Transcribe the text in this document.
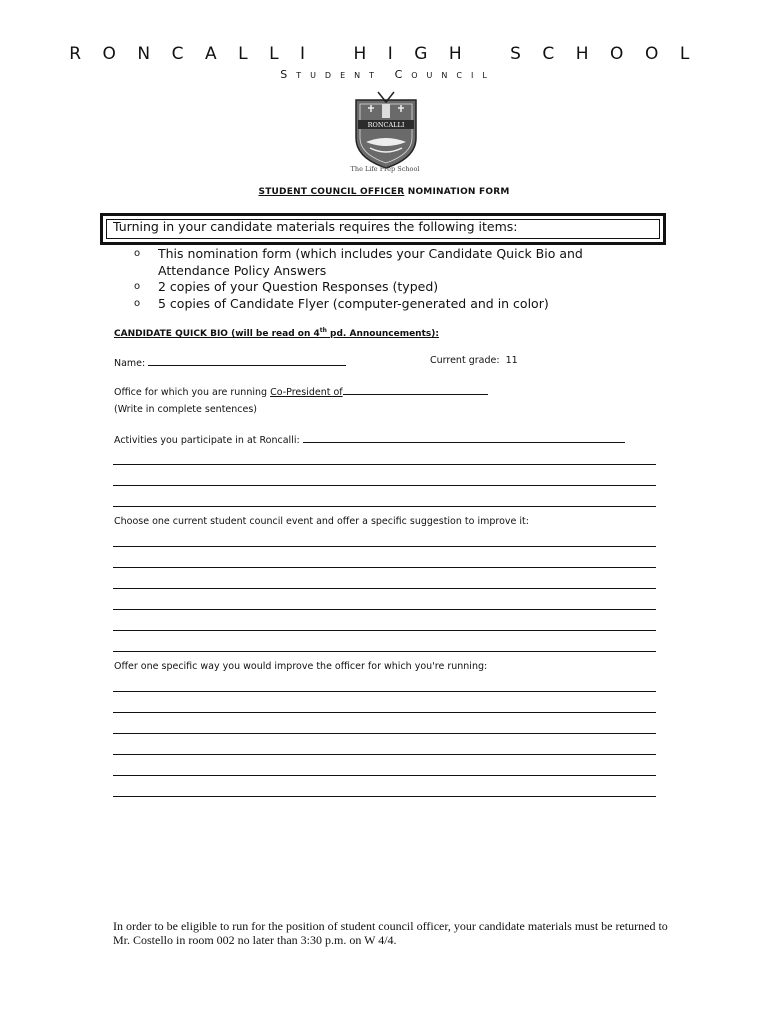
RONCALLI HIGH SCHOOL
STUDENT COUNCIL
RONCALLI
The Life Prep School
STUDENT COUNCIL OFFICER NOMINATION FORM
Turning in your candidate materials requires the following items:
o This nomination form (which includes your Candidate Quick Bio and Attendance Policy Answers
o 2 copies of your Question Responses (typed)
o 5 copies of Candidate Flyer (computer-generated and in color)
CANDIDATE QUICK BIO (will be read on 4th pd. Announcements):
Name:	Current grade: 11
Office for which you are running Co-President of
(Write in complete sentences)
Activities you participate in at Roncalli:
Choose one current student council event and offer a specific suggestion to improve it:
Offer one specific way you would improve the officer for which you're running:
In order to be eligible to run for the position of student council officer, your candidate materials must be returned to Mr. Costello in room 002 no later than 3:30 p.m. on W 4/4.
